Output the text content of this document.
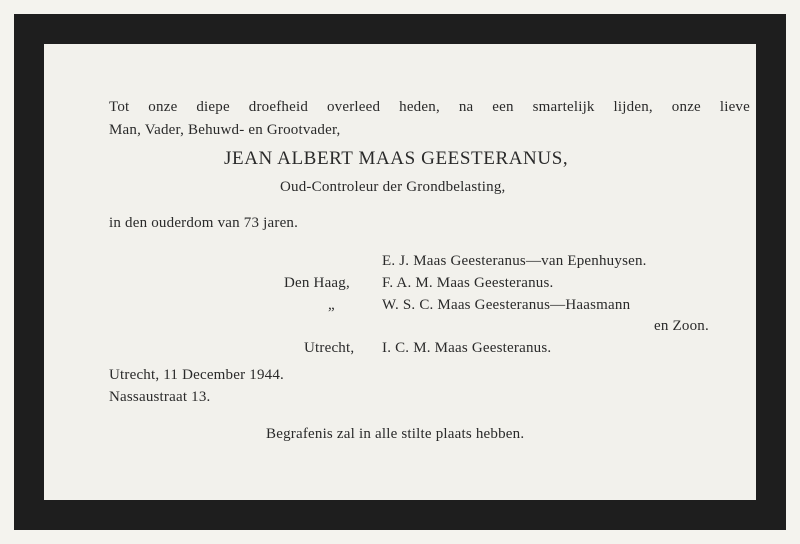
Tot onze diepe droefheid overleed heden, na een smartelijk lijden, onze lieve
Man, Vader, Behuwd- en Grootvader,
JEAN ALBERT MAAS GEESTERANUS,
Oud-Controleur der Grondbelasting,
in den ouderdom van 73 jaren.
E. J. Maas Geesteranus—van Epenhuysen.
Den Haag, F. A. M. Maas Geesteranus.
„	W. S. C. Maas Geesteranus—Haasmann
en Zoon.
Utrecht, I. C. M. Maas Geesteranus.
Utrecht, 11 December 1944.
Nassaustraat 13.
Begrafenis zal in alle stilte plaats hebben.
